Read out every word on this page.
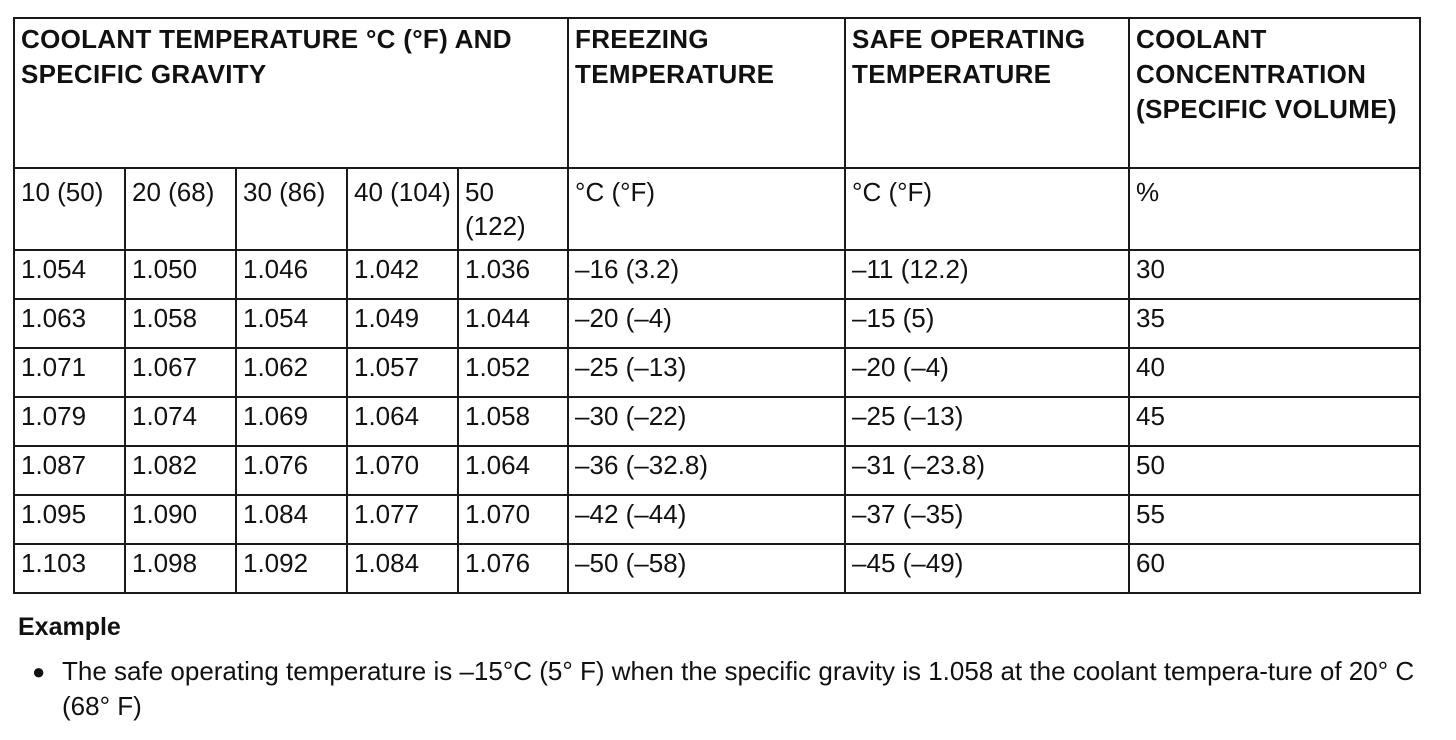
COOLANT TEMPERATURE °C (°F) AND SPECIFIC GRAVITY					FREEZING TEMPERATURE	SAFE OPERATING TEMPERATURE	COOLANT CONCENTRATION (SPECIFIC VOLUME)
10 (50)	20 (68)	30 (86)	40 (104)	50 (122)	°C (°F)	°C (°F)	%
1.054	1.050	1.046	1.042	1.036	–16 (3.2)	–11 (12.2)	30
1.063	1.058	1.054	1.049	1.044	–20 (–4)	–15 (5)	35
1.071	1.067	1.062	1.057	1.052	–25 (–13)	–20 (–4)	40
1.079	1.074	1.069	1.064	1.058	–30 (–22)	–25 (–13)	45
1.087	1.082	1.076	1.070	1.064	–36 (–32.8)	–31 (–23.8)	50
1.095	1.090	1.084	1.077	1.070	–42 (–44)	–37 (–35)	55
1.103	1.098	1.092	1.084	1.076	–50 (–58)	–45 (–49)	60
Example
● The safe operating temperature is –15°C (5° F) when the specific gravity is 1.058 at the coolant tempera-ture of 20° C (68° F)
